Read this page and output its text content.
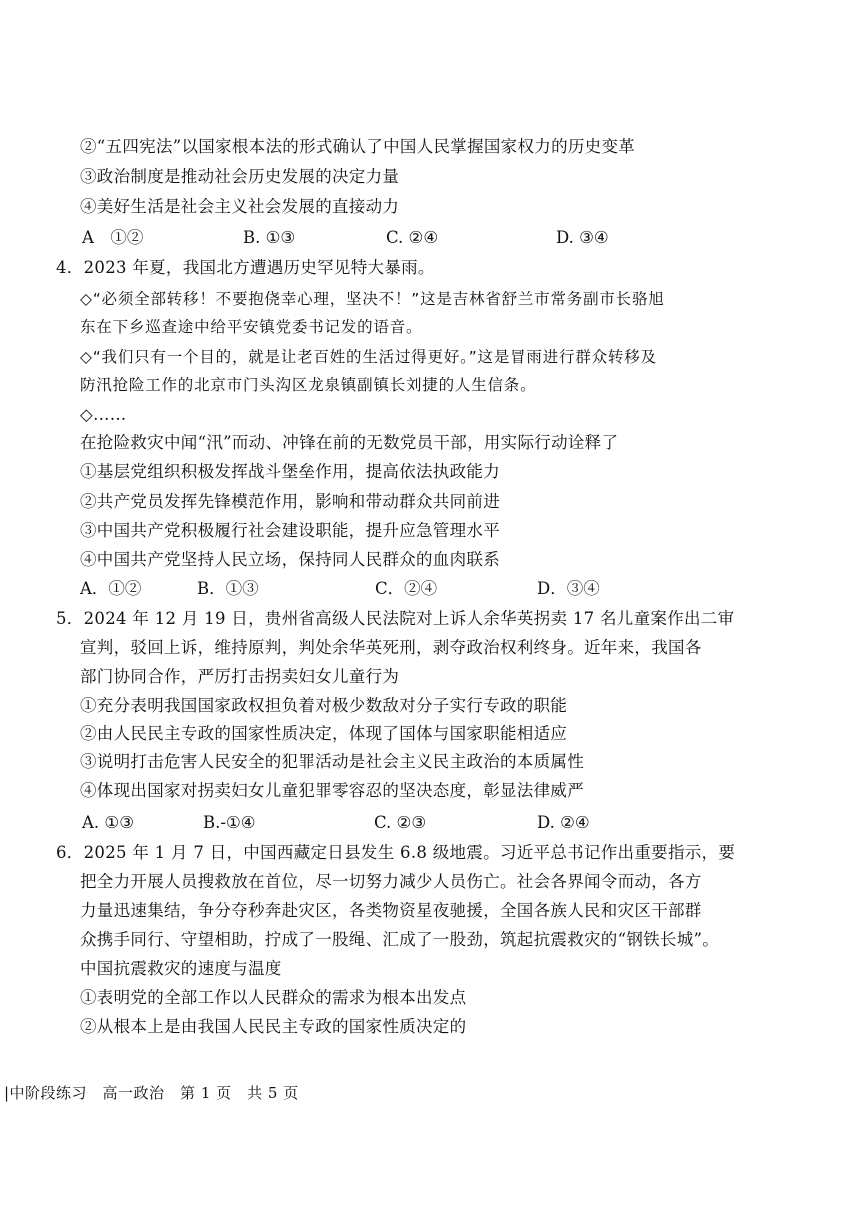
②“五四宪法”以国家根本法的形式确认了中国人民掌握国家权力的历史变革
③政治制度是推动社会历史发展的决定力量
④美好生活是社会主义社会发展的直接动力
A　①②	B. ①③	C. ②④	D. ③④
4．2023 年夏，我国北方遭遇历史罕见特大暴雨。
◇“必须全部转移！不要抱侥幸心理，坚决不！”这是吉林省舒兰市常务副市长骆旭
东在下乡巡查途中给平安镇党委书记发的语音。
◇“我们只有一个目的，就是让老百姓的生活过得更好。”这是冒雨进行群众转移及
防汛抢险工作的北京市门头沟区龙泉镇副镇长刘捷的人生信条。
◇……
在抢险救灾中闻“汛”而动、冲锋在前的无数党员干部，用实际行动诠释了
①基层党组织积极发挥战斗堡垒作用，提高依法执政能力
②共产党员发挥先锋模范作用，影响和带动群众共同前进
③中国共产党积极履行社会建设职能，提升应急管理水平
④中国共产党坚持人民立场，保持同人民群众的血肉联系
A．①②	B．①③	C．②④	D．③④
5．2024 年 12 月 19 日，贵州省高级人民法院对上诉人余华英拐卖 17 名儿童案作出二审
宣判，驳回上诉，维持原判，判处余华英死刑，剥夺政治权利终身。近年来，我国各
部门协同合作，严厉打击拐卖妇女儿童行为
①充分表明我国国家政权担负着对极少数敌对分子实行专政的职能
②由人民民主专政的国家性质决定，体现了国体与国家职能相适应
③说明打击危害人民安全的犯罪活动是社会主义民主政治的本质属性
④体现出国家对拐卖妇女儿童犯罪零容忍的坚决态度，彰显法律威严
A. ①③	B.-①④	C. ②③	D. ②④
6．2025 年 1 月 7 日，中国西藏定日县发生 6.8 级地震。习近平总书记作出重要指示，要
把全力开展人员搜救放在首位，尽一切努力减少人员伤亡。社会各界闻令而动，各方
力量迅速集结，争分夺秒奔赴灾区，各类物资星夜驰援，全国各族人民和灾区干部群
众携手同行、守望相助，拧成了一股绳、汇成了一股劲，筑起抗震救灾的“钢铁长城”。
中国抗震救灾的速度与温度
①表明党的全部工作以人民群众的需求为根本出发点
②从根本上是由我国人民民主专政的国家性质决定的
|中阶段练习　高一政治　第 1 页　共 5 页
